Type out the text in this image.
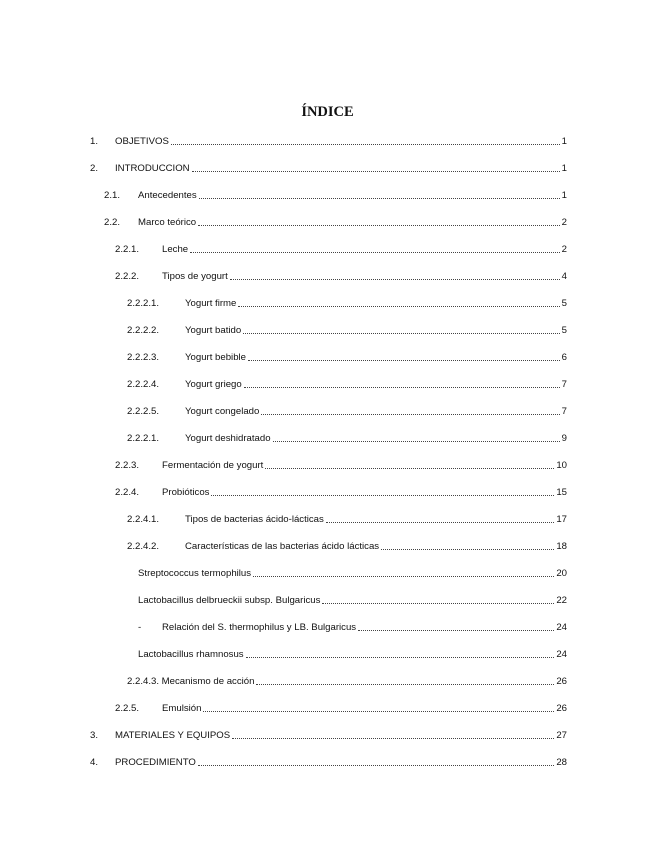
ÍNDICE
1.	OBJETIVOS	1
2.	INTRODUCCION	1
2.1.	Antecedentes	1
2.2.	Marco teórico	2
2.2.1.	Leche	2
2.2.2.	Tipos de yogurt	4
2.2.2.1.	Yogurt firme	5
2.2.2.2.	Yogurt batido	5
2.2.2.3.	Yogurt bebible	6
2.2.2.4.	Yogurt griego	7
2.2.2.5.	Yogurt congelado	7
2.2.2.1.	Yogurt deshidratado	9
2.2.3.	Fermentación de yogurt	10
2.2.4.	Probióticos	15
2.2.4.1.	Tipos de bacterias ácido-lácticas	17
2.2.4.2.	Características de las bacterias ácido lácticas	18
Streptococcus termophilus	20
Lactobacillus delbrueckii subsp. Bulgaricus	22
-	Relación del S. thermophilus y LB. Bulgaricus	24
Lactobacillus rhamnosus	24
2.2.4.3. Mecanismo de acción	26
2.2.5.	Emulsión	26
3.	MATERIALES Y EQUIPOS	27
4.	PROCEDIMIENTO	28
